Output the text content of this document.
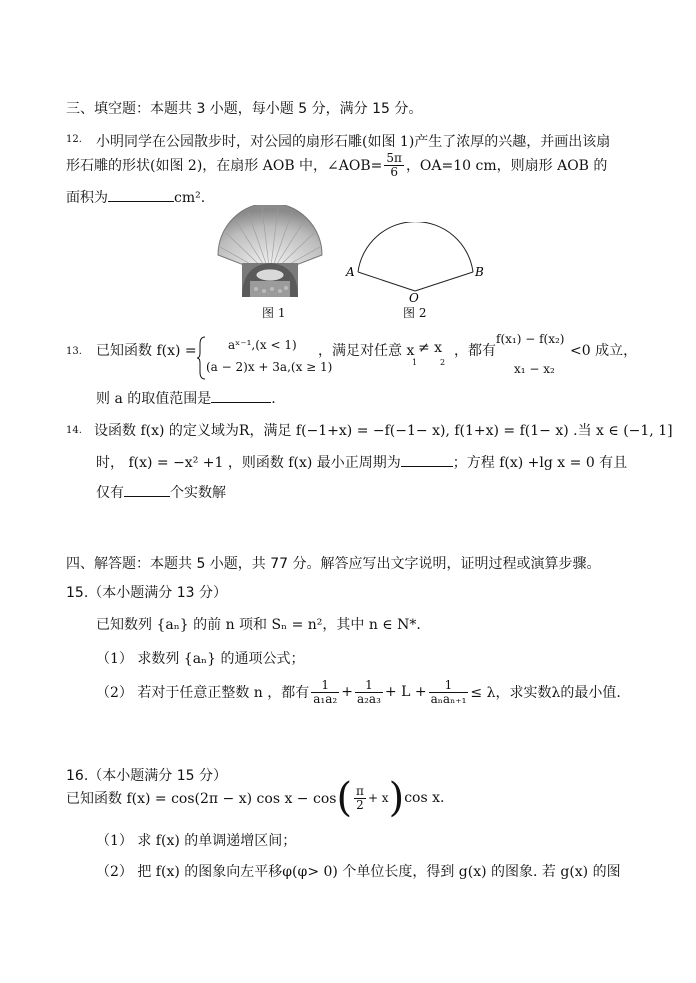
三、填空题：本题共 3 小题，每小题 5 分，满分 15 分。
12. 小明同学在公园散步时，对公园的扇形石雕(如图 1)产生了浓厚的兴趣，并画出该扇
形石雕的形状(如图 2)，在扇形 AOB 中，∠AOB= $\frac{5\pi}{6}$ ，OA=10 cm，则扇形 AOB 的
面积为	cm².
图 1
A	B
O
图 2
13. 已知函数 f(x) =	aˣ⁻¹,(x < 1)
(a − 2)x + 3a,(x ≥ 1)
，满足对任意 x ≠ x
1	2
，都有
f(x₁) − f(x₂)
x₁ − x₂
<0 成立，
则 a 的取值范围是	.
14. 设函数 f(x) 的定义域为R，满足 f(−1+x) = −f(−1− x), f(1+x) = f(1− x) .当 x ∈ (−1, 1]
时， f(x) = −x² +1 ，则函数 f(x) 最小正周期为	；方程 f(x) +lg x = 0 有且
仅有	个实数解
四、解答题：本题共 5 小题，共 77 分。解答应写出文字说明，证明过程或演算步骤。
15.（本小题满分 13 分）
已知数列 {aₙ} 的前 n 项和 Sₙ = n²，其中 n ∈ N*.
（1） 求数列 {aₙ} 的通项公式；
（2） 若对于任意正整数 n ，都有 $\frac{1}{\text{a₁a₂}} + \frac{1}{\text{a₂a₃}} + L + \frac{1}{\text{aₙaₙ₊₁}} \le \lambda$，求实数λ的最小值.
16.（本小题满分 15 分）
已知函数 f(x) = cos(2π − x) cos x − cos ( $\frac{\pi}{2} + x$ ) cos x.
（1） 求 f(x) 的单调递增区间；
（2） 把 f(x) 的图象向左平移φ(φ> 0) 个单位长度，得到 g(x) 的图象. 若 g(x) 的图
